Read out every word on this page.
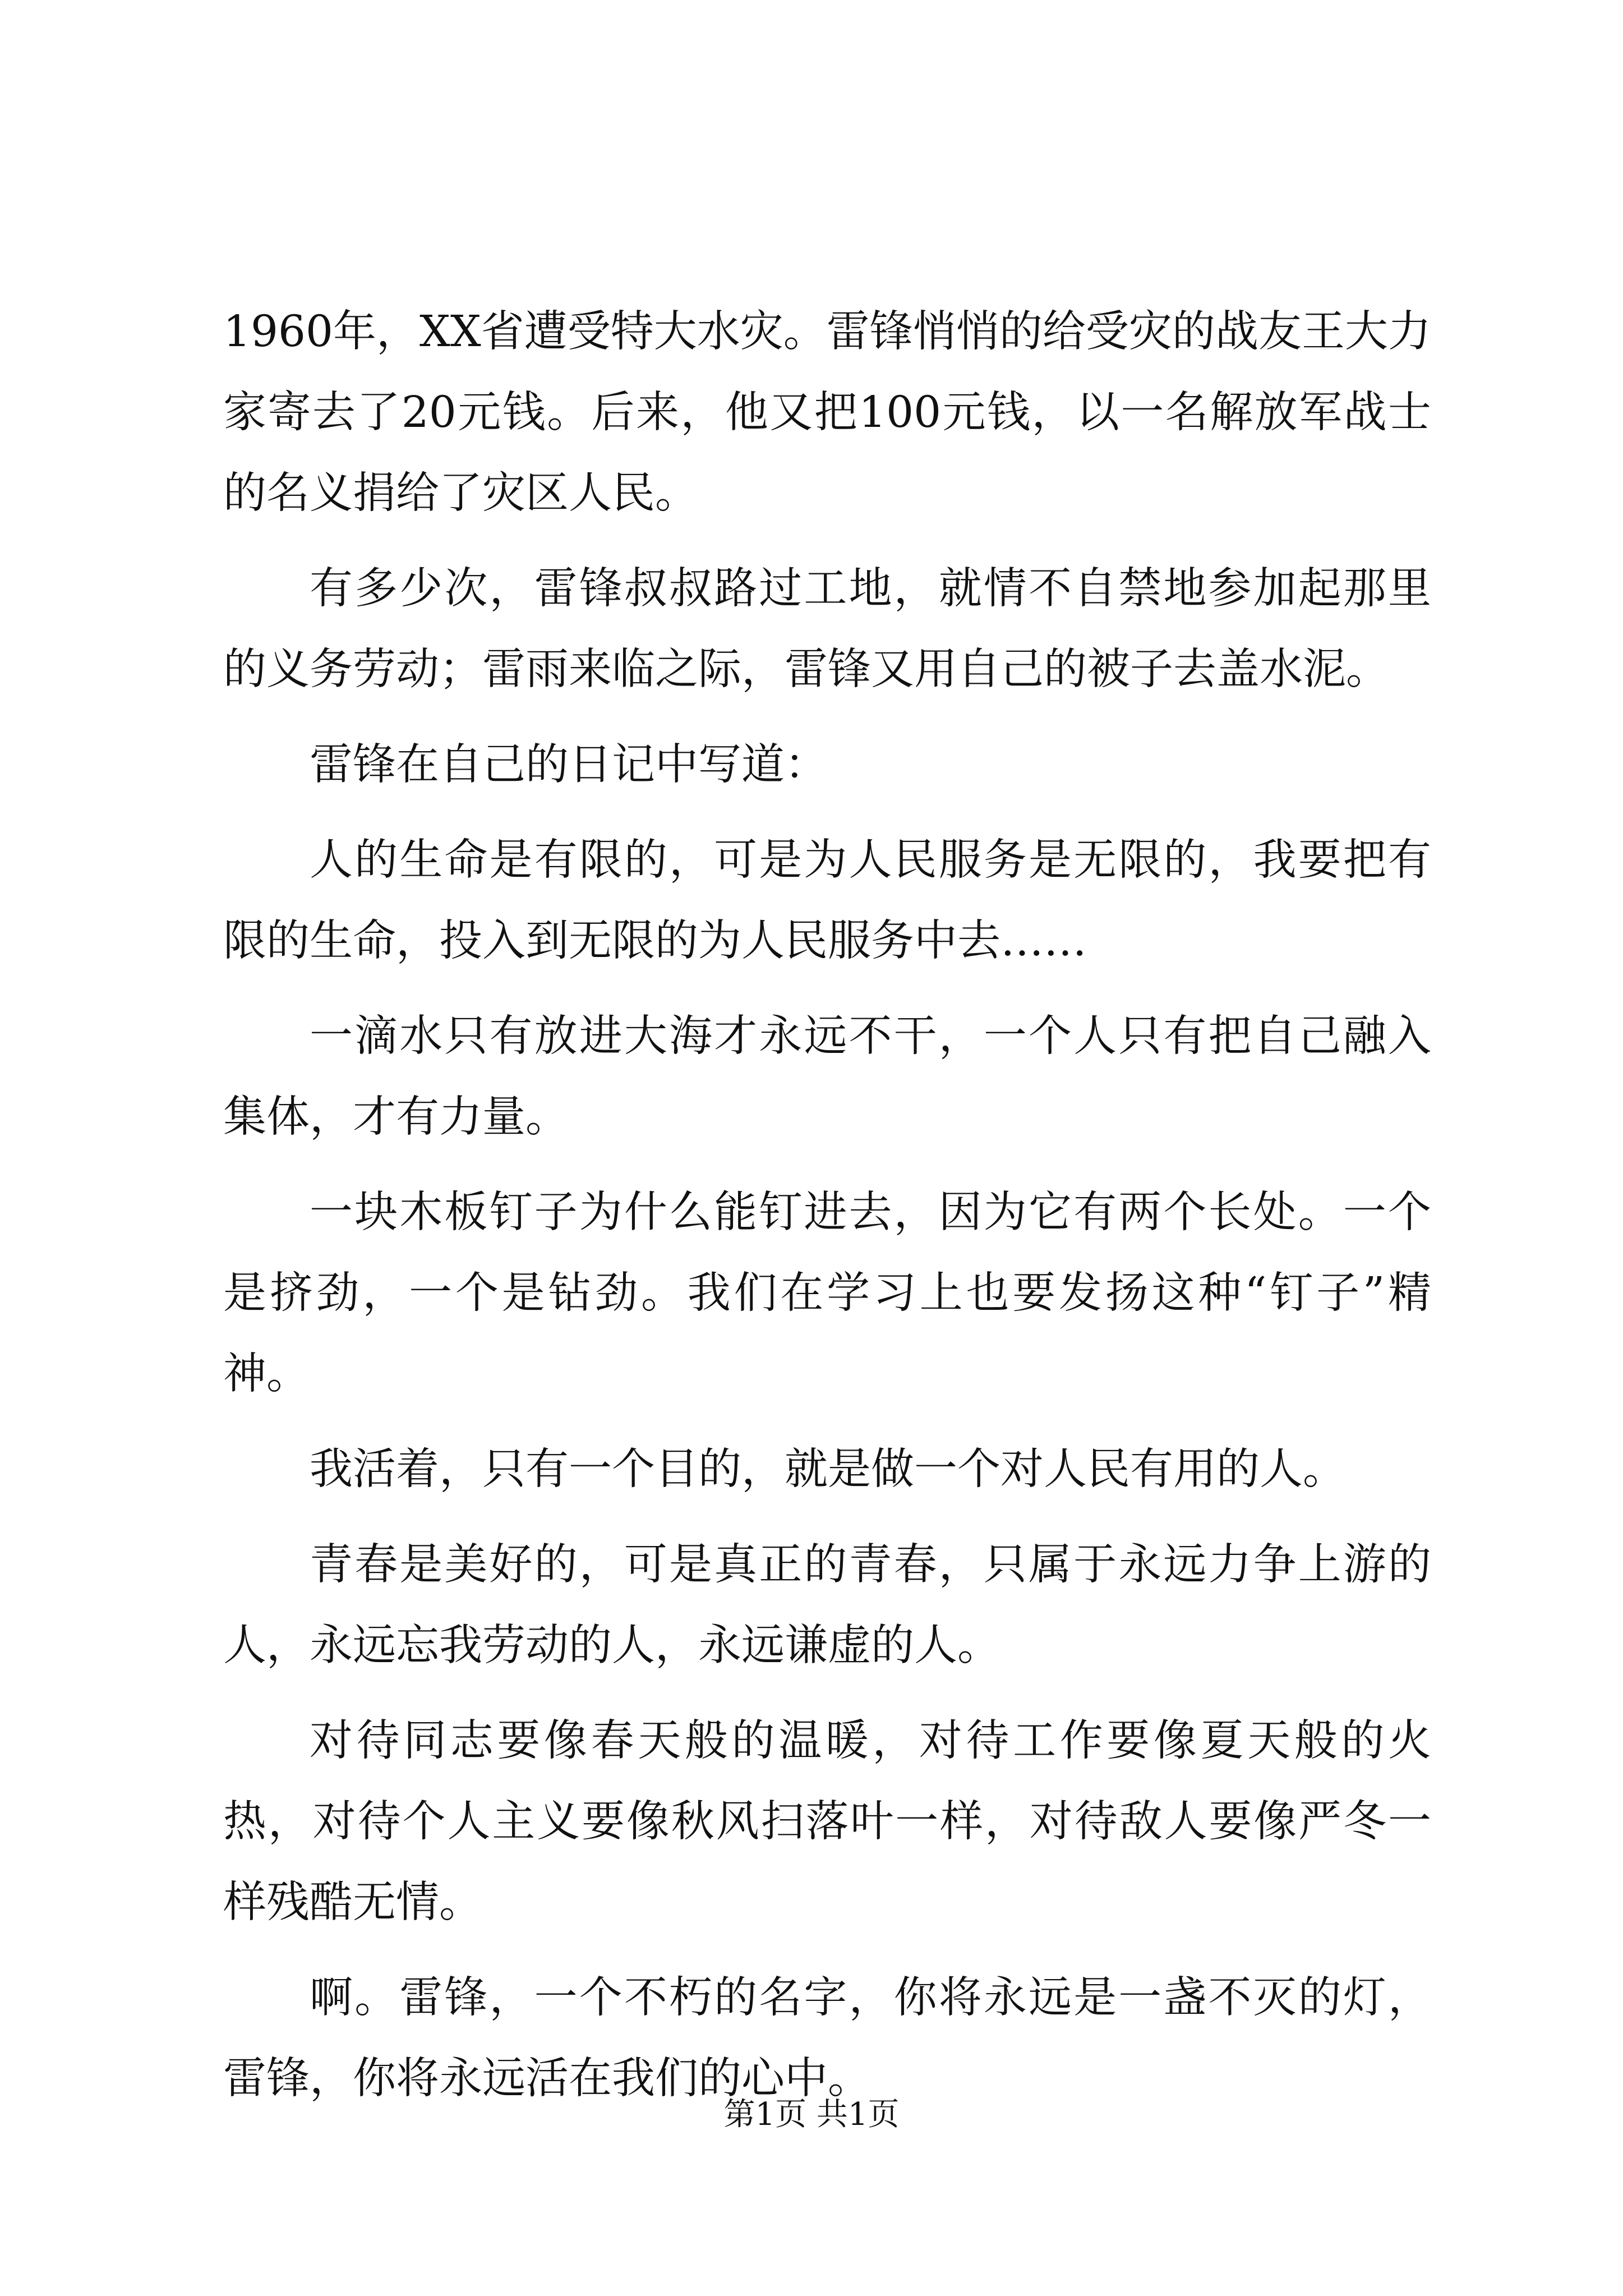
1960年，XX省遭受特大水灾。雷锋悄悄的给受灾的战友王大力家寄去了20元钱。后来，他又把100元钱，以一名解放军战士的名义捐给了灾区人民。

有多少次，雷锋叔叔路过工地，就情不自禁地参加起那里的义务劳动；雷雨来临之际，雷锋又用自己的被子去盖水泥。

雷锋在自己的日记中写道：

人的生命是有限的，可是为人民服务是无限的，我要把有限的生命，投入到无限的为人民服务中去……

一滴水只有放进大海才永远不干，一个人只有把自己融入集体，才有力量。

一块木板钉子为什么能钉进去，因为它有两个长处。一个是挤劲，一个是钻劲。我们在学习上也要发扬这种“钉子”精神。

我活着，只有一个目的，就是做一个对人民有用的人。

青春是美好的，可是真正的青春，只属于永远力争上游的人，永远忘我劳动的人，永远谦虚的人。

对待同志要像春天般的温暖，对待工作要像夏天般的火热，对待个人主义要像秋风扫落叶一样，对待敌人要像严冬一样残酷无情。

啊。雷锋，一个不朽的名字，你将永远是一盏不灭的灯，雷锋，你将永远活在我们的心中。

第1页 共1页
